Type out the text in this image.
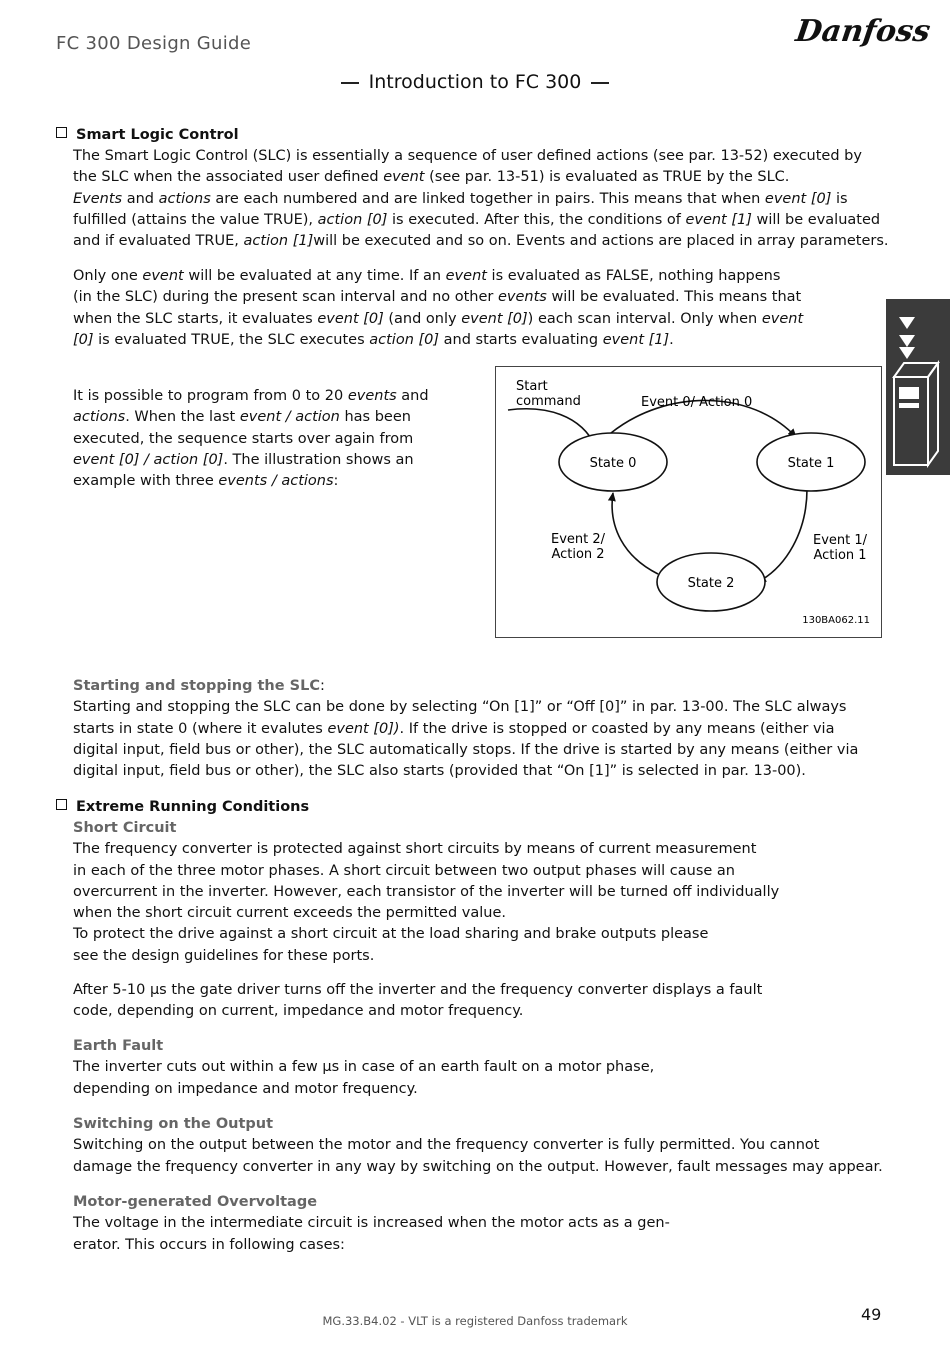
FC 300 Design Guide	Danfoss
Introduction to FC 300
Smart Logic Control
The Smart Logic Control (SLC) is essentially a sequence of user defined actions (see par. 13-52) executed by
the SLC when the associated user defined event (see par. 13-51) is evaluated as TRUE by the SLC.
Events and actions are each numbered and are linked together in pairs. This means that when event [0] is
fulfilled (attains the value TRUE), action [0] is executed. After this, the conditions of event [1] will be evaluated
and if evaluated TRUE, action [1]will be executed and so on. Events and actions are placed in array parameters.
Only one event will be evaluated at any time. If an event is evaluated as FALSE, nothing happens
(in the SLC) during the present scan interval and no other events will be evaluated. This means that
when the SLC starts, it evaluates event [0] (and only event [0]) each scan interval. Only when event
[0] is evaluated TRUE, the SLC executes action [0] and starts evaluating event [1].
It is possible to program from 0 to 20 events and
actions. When the last event / action has been
executed, the sequence starts over again from
event [0] / action [0]. The illustration shows an
example with three events / actions:
Start
command	Event 0/ Action 0
State 0	State 1
State 2
Event 2/
Action 2
Event 1/
Action 1
130BA062.11
Starting and stopping the SLC:
Starting and stopping the SLC can be done by selecting “On [1]” or “Off [0]” in par. 13-00. The SLC always
starts in state 0 (where it evalutes event [0]). If the drive is stopped or coasted by any means (either via
digital input, field bus or other), the SLC automatically stops. If the drive is started by any means (either via
digital input, field bus or other), the SLC also starts (provided that “On [1]” is selected in par. 13-00).
Extreme Running Conditions
Short Circuit
The frequency converter is protected against short circuits by means of current measurement
in each of the three motor phases. A short circuit between two output phases will cause an
overcurrent in the inverter. However, each transistor of the inverter will be turned off individually
when the short circuit current exceeds the permitted value.
To protect the drive against a short circuit at the load sharing and brake outputs please
see the design guidelines for these ports.
After 5-10 µs the gate driver turns off the inverter and the frequency converter displays a fault
code, depending on current, impedance and motor frequency.
Earth Fault
The inverter cuts out within a few µs in case of an earth fault on a motor phase,
depending on impedance and motor frequency.
Switching on the Output
Switching on the output between the motor and the frequency converter is fully permitted. You cannot
damage the frequency converter in any way by switching on the output. However, fault messages may appear.
Motor-generated Overvoltage
The voltage in the intermediate circuit is increased when the motor acts as a gen-
erator. This occurs in following cases:
MG.33.B4.02 - VLT is a registered Danfoss trademark	49
